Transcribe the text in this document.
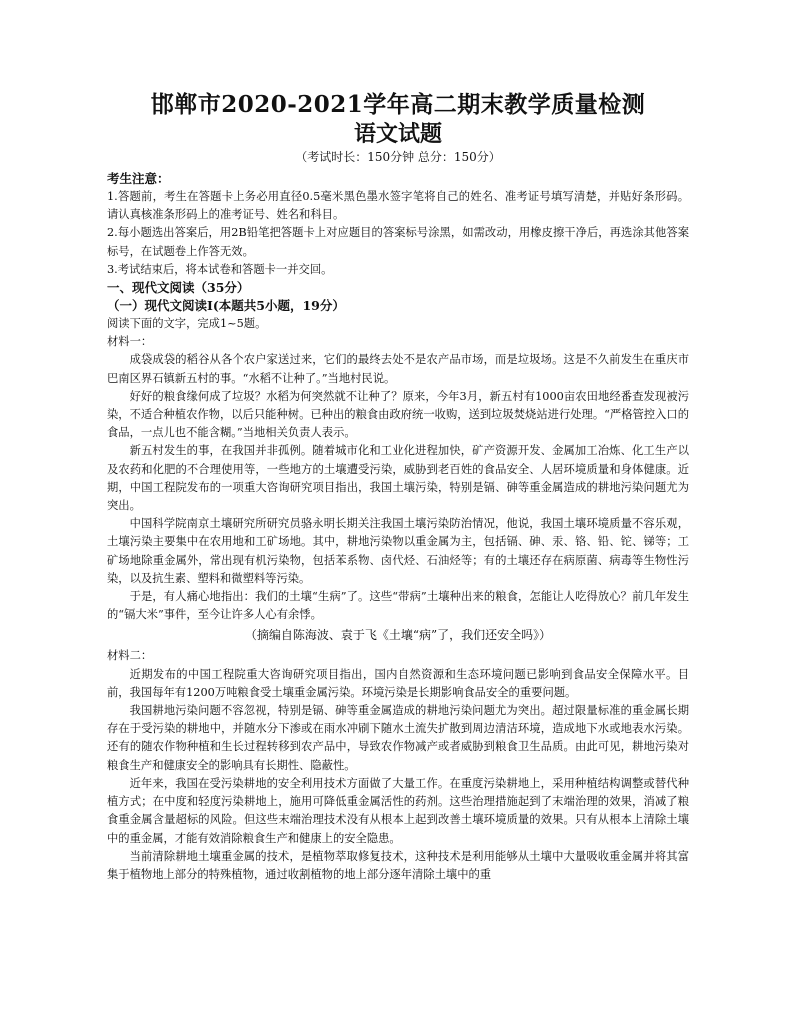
邯郸市2020-2021学年高二期末教学质量检测

语文试题

（考试时长：150分钟 总分：150分）

考生注意：

1.答题前，考生在答题卡上务必用直径0.5毫米黑色墨水签字笔将自己的姓名、准考证号填写清楚，并贴好条形码。请认真核准条形码上的准考证号、姓名和科目。

2.每小题选出答案后，用2B铅笔把答题卡上对应题目的答案标号涂黑，如需改动，用橡皮擦干净后，再选涂其他答案标号，在试题卷上作答无效。

3.考试结束后，将本试卷和答题卡一并交回。

一、现代文阅读（35分）

（一）现代文阅读Ⅰ(本题共5小题，19分）

阅读下面的文字，完成1~5题。

材料一：

成袋成袋的稻谷从各个农户家送过来，它们的最终去处不是农产品市场，而是垃圾场。这是不久前发生在重庆市巴南区界石镇新五村的事。“水稻不让种了。”当地村民说。

好好的粮食缘何成了垃圾？水稻为何突然就不让种了？原来，今年3月，新五村有1000亩农田地经番查发现被污染，不适合种植农作物，以后只能种树。已种出的粮食由政府统一收购，送到垃圾焚烧站进行处理。“严格管控入口的食品，一点儿也不能含糊。”当地相关负责人表示。

新五村发生的事，在我国并非孤例。随着城市化和工业化进程加快，矿产资源开发、金属加工冶炼、化工生产以及农药和化肥的不合理使用等，一些地方的土壤遭受污染，威胁到老百姓的食品安全、人居环境质量和身体健康。近期，中国工程院发布的一项重大咨询研究项目指出，我国土壤污染，特别是镉、砷等重金属造成的耕地污染问题尤为突出。

中国科学院南京土壤研究所研究员骆永明长期关注我国土壤污染防治情况，他说，我国土壤环境质量不容乐观，土壤污染主要集中在农用地和工矿场地。其中，耕地污染物以重金属为主，包括镉、砷、汞、铬、铅、铊、锑等；工矿场地除重金属外，常出现有机污染物，包括苯系物、卤代烃、石油烃等；有的土壤还存在病原菌、病毒等生物性污染，以及抗生素、塑料和微塑料等污染。

于是，有人痛心地指出：我们的土壤“生病”了。这些“带病”土壤种出来的粮食，怎能让人吃得放心？前几年发生的“镉大米”事件，至今让许多人心有余悸。

（摘编自陈海波、袁于飞《土壤“病”了，我们还安全吗》）

材料二：

近期发布的中国工程院重大咨询研究项目指出，国内自然资源和生态环境问题已影响到食品安全保障水平。目前，我国每年有1200万吨粮食受土壤重金属污染。环境污染是长期影响食品安全的重要问题。

我国耕地污染问题不容忽视，特别是镉、砷等重金属造成的耕地污染问题尤为突出。超过限量标准的重金属长期存在于受污染的耕地中，并随水分下渗或在雨水冲刷下随水土流失扩散到周边清洁环境，造成地下水或地表水污染。还有的随农作物种植和生长过程转移到农产品中，导致农作物减产或者威胁到粮食卫生品质。由此可见，耕地污染对粮食生产和健康安全的影响具有长期性、隐蔽性。

近年来，我国在受污染耕地的安全利用技术方面做了大量工作。在重度污染耕地上，采用种植结构调整或替代种植方式；在中度和轻度污染耕地上，施用可降低重金属活性的药剂。这些治理措施起到了末端治理的效果，消减了粮食重金属含量超标的风险。但这些末端治理技术没有从根本上起到改善土壤环境质量的效果。只有从根本上清除土壤中的重金属，才能有效消除粮食生产和健康上的安全隐患。

当前清除耕地土壤重金属的技术，是植物萃取修复技术，这种技术是利用能够从土壤中大量吸收重金属并将其富集于植物地上部分的特殊植物，通过收割植物的地上部分逐年清除土壤中的重
